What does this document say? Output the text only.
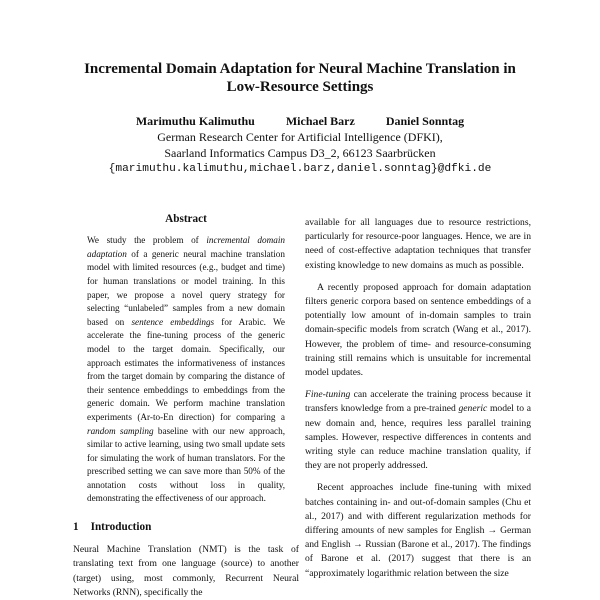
Incremental Domain Adaptation for Neural Machine Translation in
Low-Resource Settings
Marimuthu Kalimuthu	Michael Barz	Daniel Sonntag
German Research Center for Artificial Intelligence (DFKI),
Saarland Informatics Campus D3_2, 66123 Saarbrücken
{marimuthu.kalimuthu,michael.barz,daniel.sonntag}@dfki.de
Abstract

We study the problem of incremental domain adaptation of a generic neural machine translation model with limited resources (e.g., budget and time) for human translations or model training. In this paper, we propose a novel query strategy for selecting “unlabeled” samples from a new domain based on sentence embeddings for Arabic. We accelerate the fine-tuning process of the generic model to the target domain. Specifically, our approach estimates the informativeness of instances from the target domain by comparing the distance of their sentence embeddings to embeddings from the generic domain. We perform machine translation experiments (Ar-to-En direction) for comparing a random sampling baseline with our new approach, similar to active learning, using two small update sets for simulating the work of human translators. For the prescribed setting we can save more than 50% of the annotation costs without loss in quality, demonstrating the effectiveness of our approach.

1 Introduction

Neural Machine Translation (NMT) is the task of translating text from one language (source) to another (target) using, most commonly, Recurrent Neural Networks (RNN), specifically the

available for all languages due to resource restrictions, particularly for resource-poor languages. Hence, we are in need of cost-effective adaptation techniques that transfer existing knowledge to new domains as much as possible.

A recently proposed approach for domain adaptation filters generic corpora based on sentence embeddings of a potentially low amount of in-domain samples to train domain-specific models from scratch (Wang et al., 2017). However, the problem of time- and resource-consuming training still remains which is unsuitable for incremental model updates.

Fine-tuning can accelerate the training process because it transfers knowledge from a pre-trained generic model to a new domain and, hence, requires less parallel training samples. However, respective differences in contents and writing style can reduce machine translation quality, if they are not properly addressed.

Recent approaches include fine-tuning with mixed batches containing in- and out-of-domain samples (Chu et al., 2017) and with different regularization methods for differing amounts of new samples for English → German and English → Russian (Barone et al., 2017). The findings of Barone et al. (2017) suggest that there is an “approximately logarithmic relation between the size
